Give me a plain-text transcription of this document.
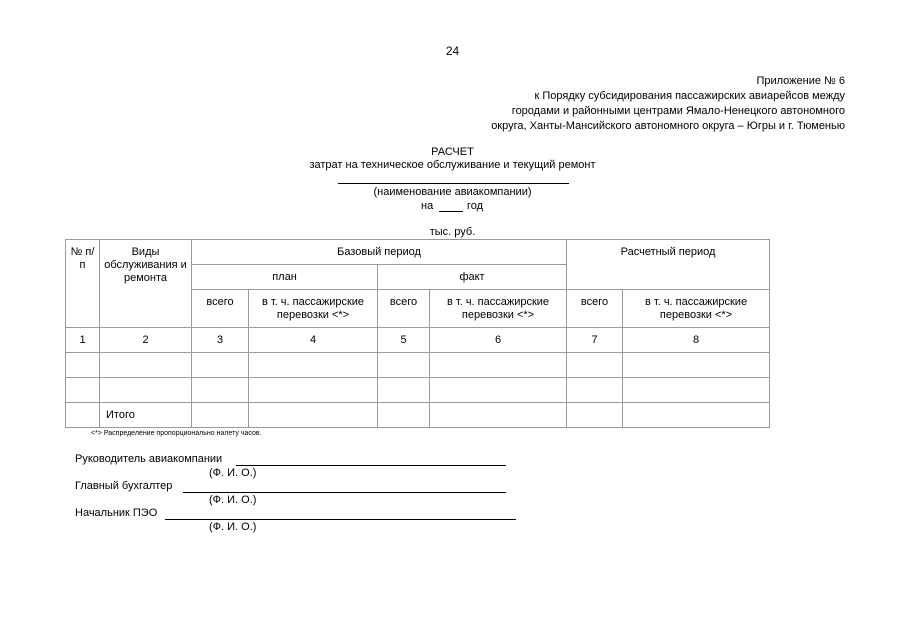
24
Приложение № 6
к Порядку субсидирования пассажирских авиарейсов между
городами и районными центрами Ямало-Ненецкого автономного
округа, Ханты-Мансийского автономного округа – Югры и г. Тюменью
РАСЧЕТ
затрат на техническое обслуживание и текущий ремонт
(наименование авиакомпании)
на	год
тыс. руб.
№ п/п	Виды обслуживания и ремонта	Базовый период				Расчетный период	
		план		факт			
		всего	в т. ч. пассажирские перевозки <*>	всего	в т. ч. пассажирские перевозки <*>	всего	в т. ч. пассажирские перевозки <*>
1	2	3	4	5	6	7	8

	Итого						
<*> Распределение пропорционально налету часов.
Руководитель авиакомпании
(Ф. И. О.)
Главный бухгалтер
(Ф. И. О.)
Начальник ПЭО
(Ф. И. О.)
